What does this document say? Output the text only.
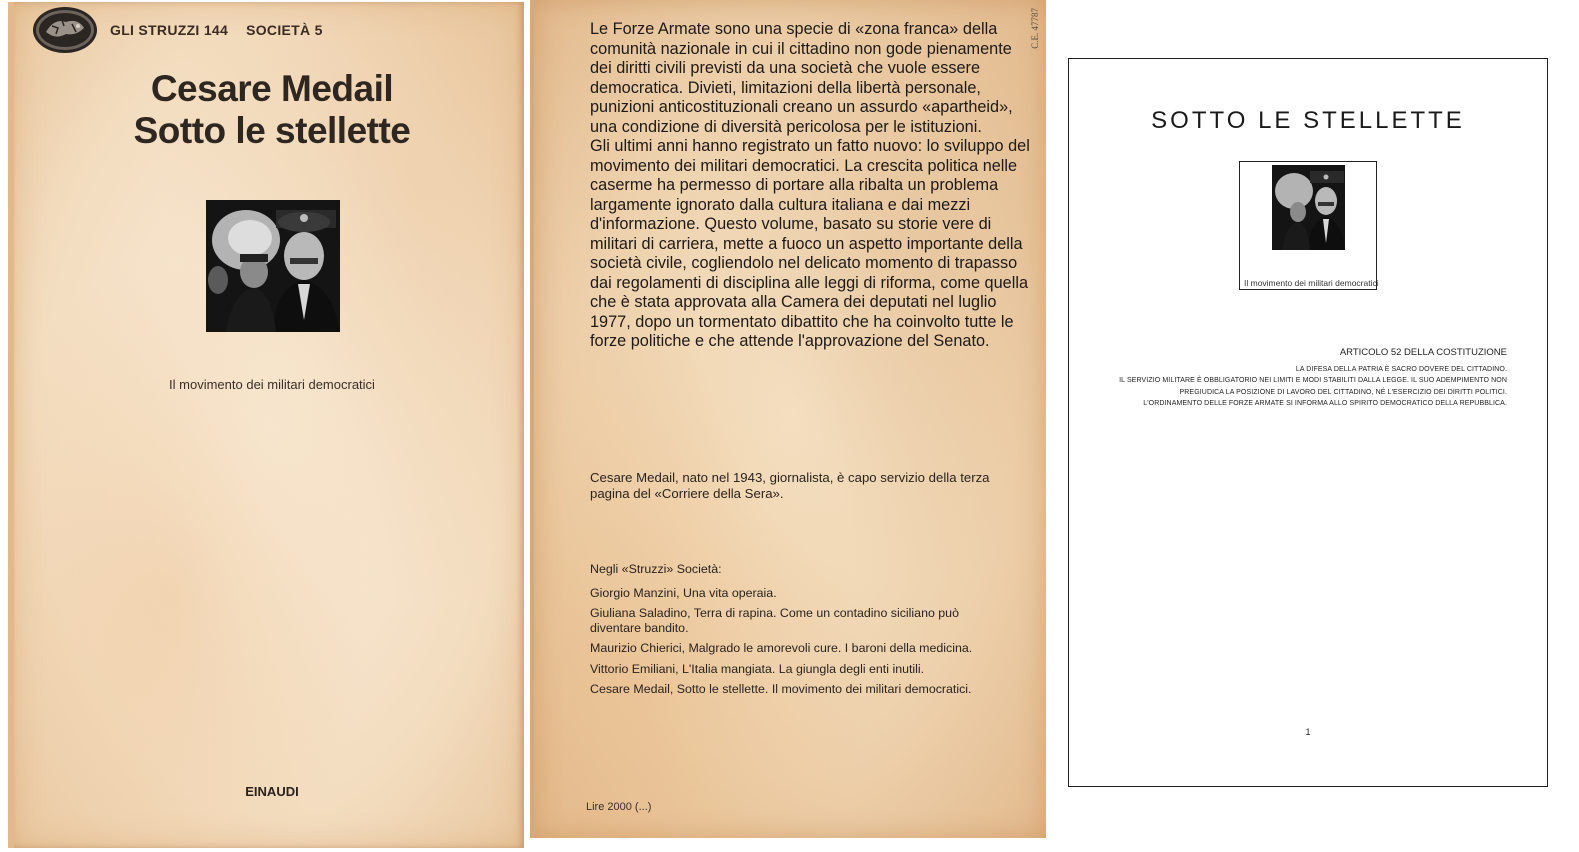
GLI STRUZZI 144 SOCIETÀ 5
Cesare Medail
Sotto le stellette
Il movimento dei militari democratici
EINAUDI

Le Forze Armate sono una specie di «zona franca» della comunità nazionale in cui il cittadino non gode pienamente dei diritti civili previsti da una società che vuole essere democratica. Divieti, limitazioni della libertà personale, punizioni anticostituzionali creano un assurdo «apartheid», una condizione di diversità pericolosa per le istituzioni.

Gli ultimi anni hanno registrato un fatto nuovo: lo sviluppo del movimento dei militari democratici. La crescita politica nelle caserme ha permesso di portare alla ribalta un problema largamente ignorato dalla cultura italiana e dai mezzi d'informazione. Questo volume, basato su storie vere di militari di carriera, mette a fuoco un aspetto importante della società civile, cogliendolo nel delicato momento di trapasso dai regolamenti di disciplina alle leggi di riforma, come quella che è stata approvata alla Camera dei deputati nel luglio 1977, dopo un tormentato dibattito che ha coinvolto tutte le forze politiche e che attende l'approvazione del Senato.

Cesare Medail, nato nel 1943, giornalista, è capo servizio della terza pagina del «Corriere della Sera».
Negli «Struzzi» Società:
Giorgio Manzini, Una vita operaia.
Giuliana Saladino, Terra di rapina. Come un contadino siciliano può diventare bandito.
Maurizio Chierici, Malgrado le amorevoli cure. I baroni della medicina.
Vittorio Emiliani, L'Italia mangiata. La giungla degli enti inutili.
Cesare Medail, Sotto le stellette. Il movimento dei militari democratici.
Lire 2000 (...)
C.E. 47787
SOTTO LE STELLETTE
Il movimento dei militari democratici
ARTICOLO 52 DELLA COSTITUZIONE
LA DIFESA DELLA PATRIA È SACRO DOVERE DEL CITTADINO.
IL SERVIZIO MILITARE È OBBLIGATORIO NEI LIMITI E MODI STABILITI DALLA LEGGE. IL SUO ADEMPIMENTO NON
PREGIUDICA LA POSIZIONE DI LAVORO DEL CITTADINO, NÉ L'ESERCIZIO DEI DIRITTI POLITICI.
L'ORDINAMENTO DELLE FORZE ARMATE SI INFORMA ALLO SPIRITO DEMOCRATICO DELLA REPUBBLICA.
1
